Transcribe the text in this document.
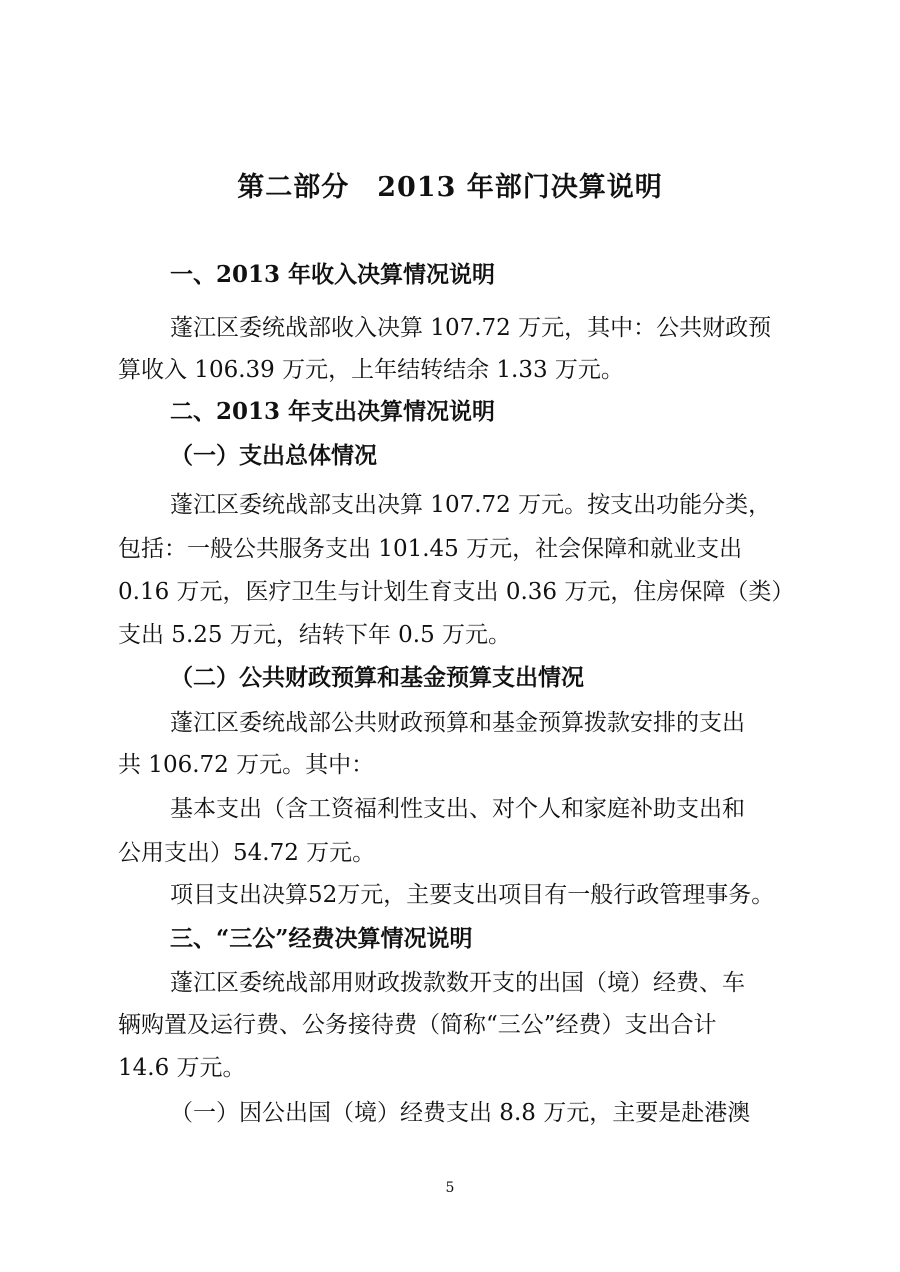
第二部分　2013 年部门决算说明
一、2013 年收入决算情况说明
蓬江区委统战部收入决算 107.72 万元，其中：公共财政预
算收入 106.39 万元，上年结转结余 1.33 万元。
二、2013 年支出决算情况说明
（一）支出总体情况
蓬江区委统战部支出决算 107.72 万元。按支出功能分类，
包括：一般公共服务支出 101.45 万元，社会保障和就业支出
0.16 万元，医疗卫生与计划生育支出 0.36 万元，住房保障（类）
支出 5.25 万元，结转下年 0.5 万元。
（二）公共财政预算和基金预算支出情况
蓬江区委统战部公共财政预算和基金预算拨款安排的支出
共 106.72 万元。其中：
基本支出（含工资福利性支出、对个人和家庭补助支出和
公用支出）54.72 万元。
项目支出决算52万元，主要支出项目有一般行政管理事务。
三、“三公”经费决算情况说明
蓬江区委统战部用财政拨款数开支的出国（境）经费、车
辆购置及运行费、公务接待费（简称“三公”经费）支出合计
14.6 万元。
（一）因公出国（境）经费支出 8.8 万元，主要是赴港澳
5
